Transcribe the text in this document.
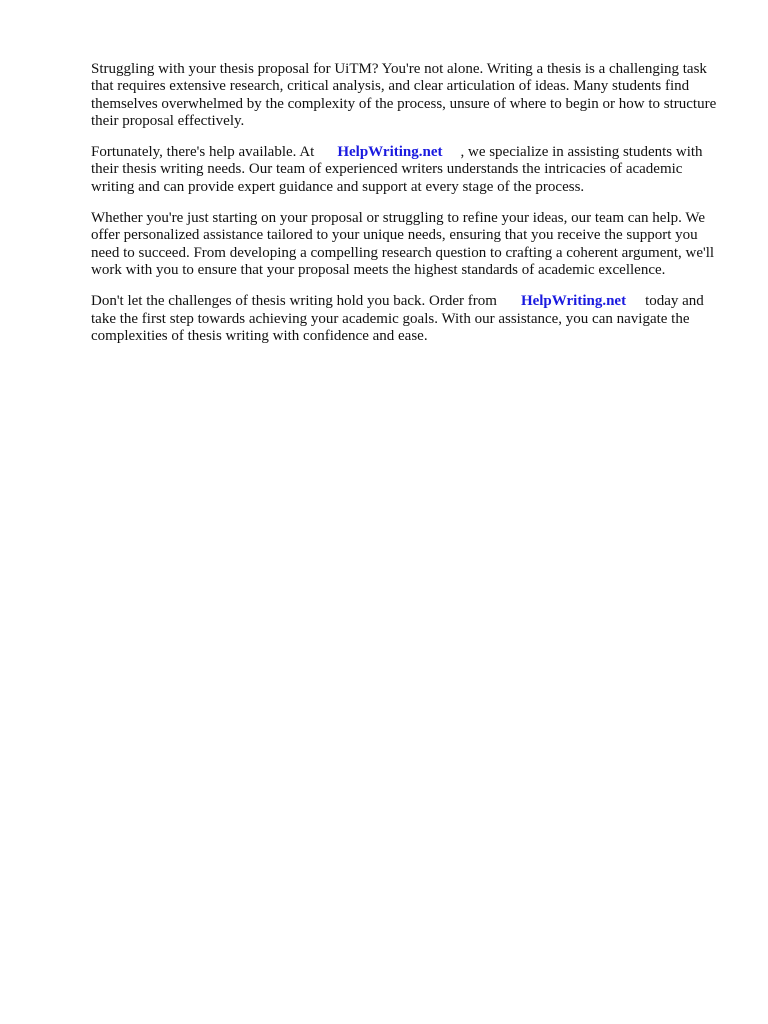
Struggling with your thesis proposal for UiTM? You're not alone. Writing a thesis is a challenging task that requires extensive research, critical analysis, and clear articulation of ideas. Many students find themselves overwhelmed by the complexity of the process, unsure of where to begin or how to structure their proposal effectively.

Fortunately, there's help available. At HelpWriting.net , we specialize in assisting students with their thesis writing needs. Our team of experienced writers understands the intricacies of academic writing and can provide expert guidance and support at every stage of the process.

Whether you're just starting on your proposal or struggling to refine your ideas, our team can help. We offer personalized assistance tailored to your unique needs, ensuring that you receive the support you need to succeed. From developing a compelling research question to crafting a coherent argument, we'll work with you to ensure that your proposal meets the highest standards of academic excellence.

Don't let the challenges of thesis writing hold you back. Order from HelpWriting.net today and take the first step towards achieving your academic goals. With our assistance, you can navigate the complexities of thesis writing with confidence and ease.
